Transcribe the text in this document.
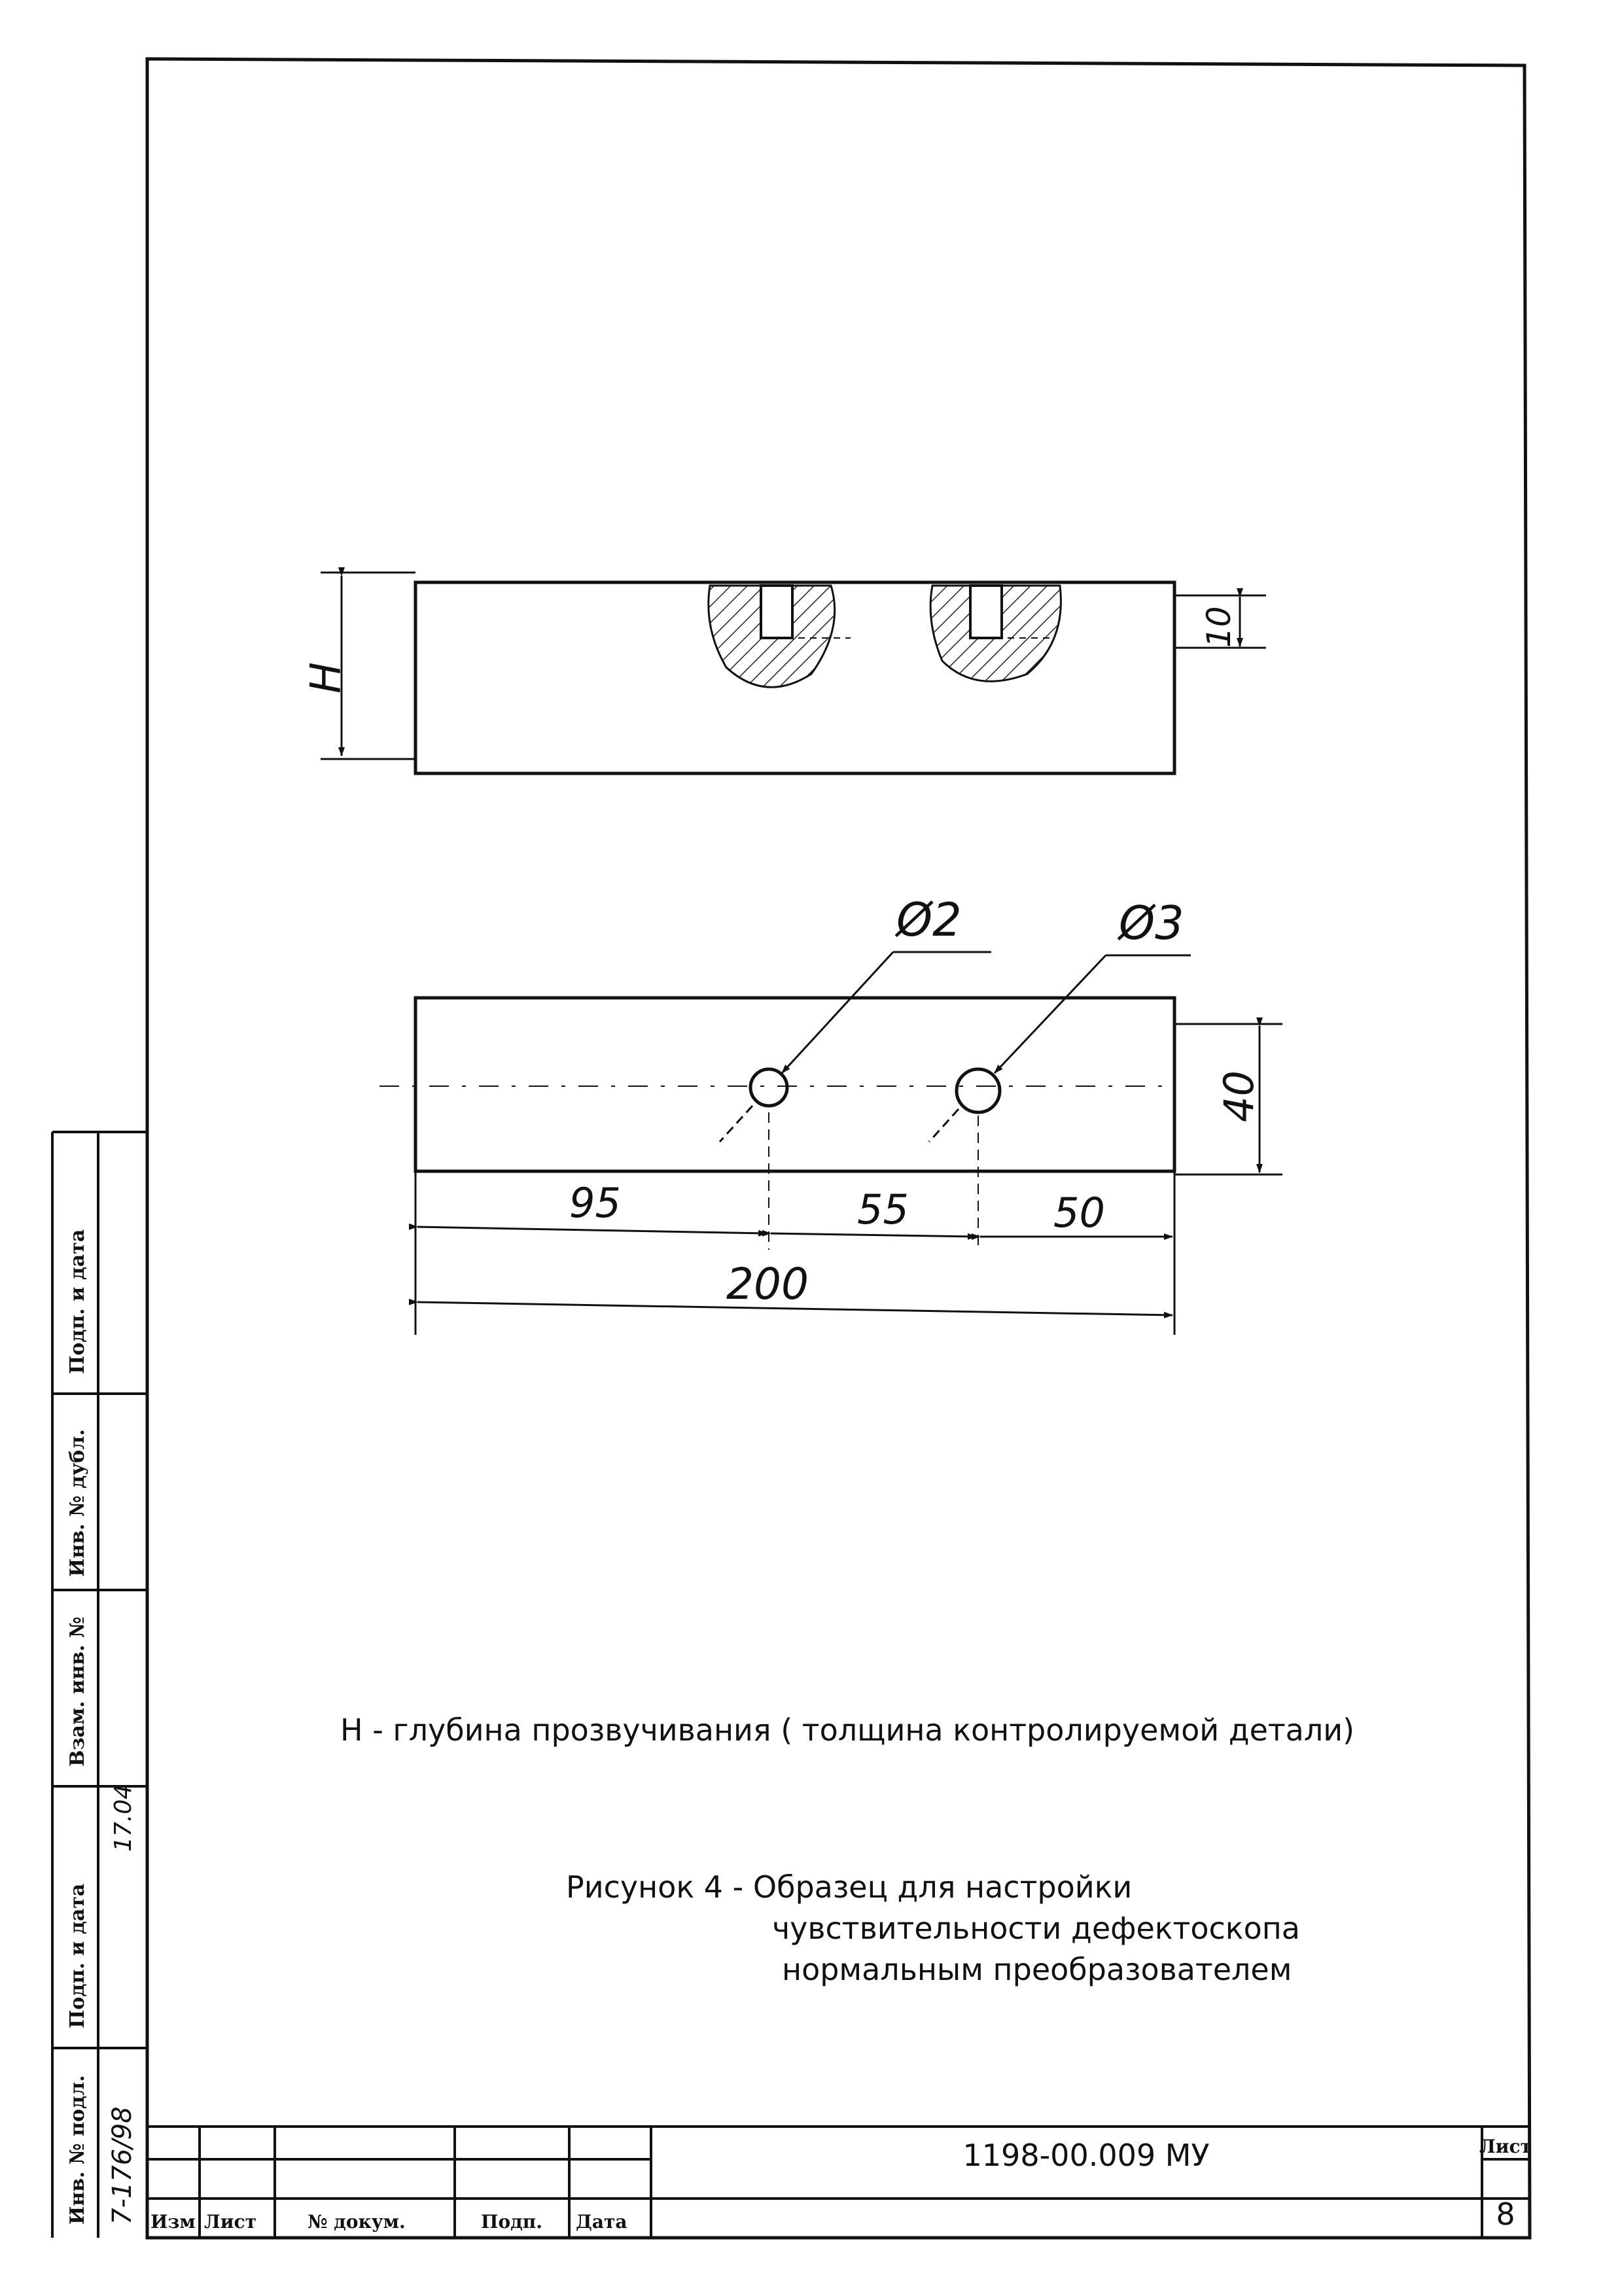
Инв. № подл.
Подп. и дата
Взам. инв. №
Инв. № дубл.
Подп. и дата
7-176/98
17.04
Изм Лист	№ докум.	Подп. Дата
1198-00.009 МУ	Лист
8
H
10
Ø2	Ø3
40
95	55	50
200
H - глубина прозвучивания ( толщина контролируемой детали)
Рисунок 4 - Образец для настройки
чувствительности дефектоскопа
нормальным преобразователем
